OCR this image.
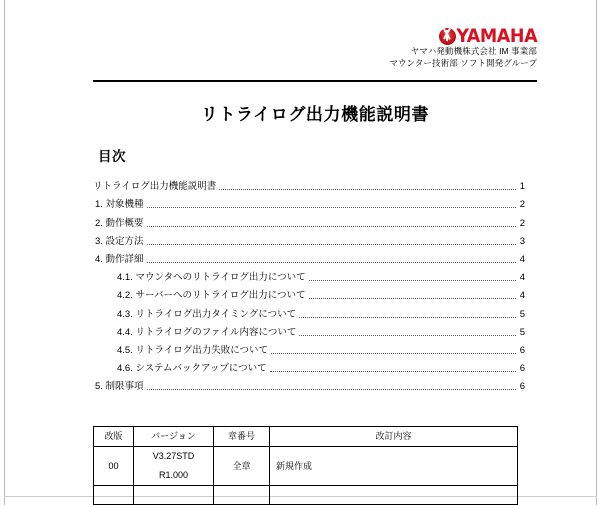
YAMAHA
ヤマハ発動機株式会社 IM 事業部
マウンター技術部 ソフト開発グループ
リトライログ出力機能説明書
目次
リトライログ出力機能説明書	1
1. 対象機種	2
2. 動作概要	2
3. 設定方法	3
4. 動作詳細	4
4.1. マウンタへのリトライログ出力について	4
4.2. サーバーへのリトライログ出力について	4
4.3. リトライログ出力タイミングについて	5
4.4. リトライログのファイル内容について	5
4.5. リトライログ出力失敗について	6
4.6. システムバックアップについて	6
5. 制限事項	6
改版	バージョン	章番号	改訂内容
00	V3.27STD R1.000	全章	新規作成
